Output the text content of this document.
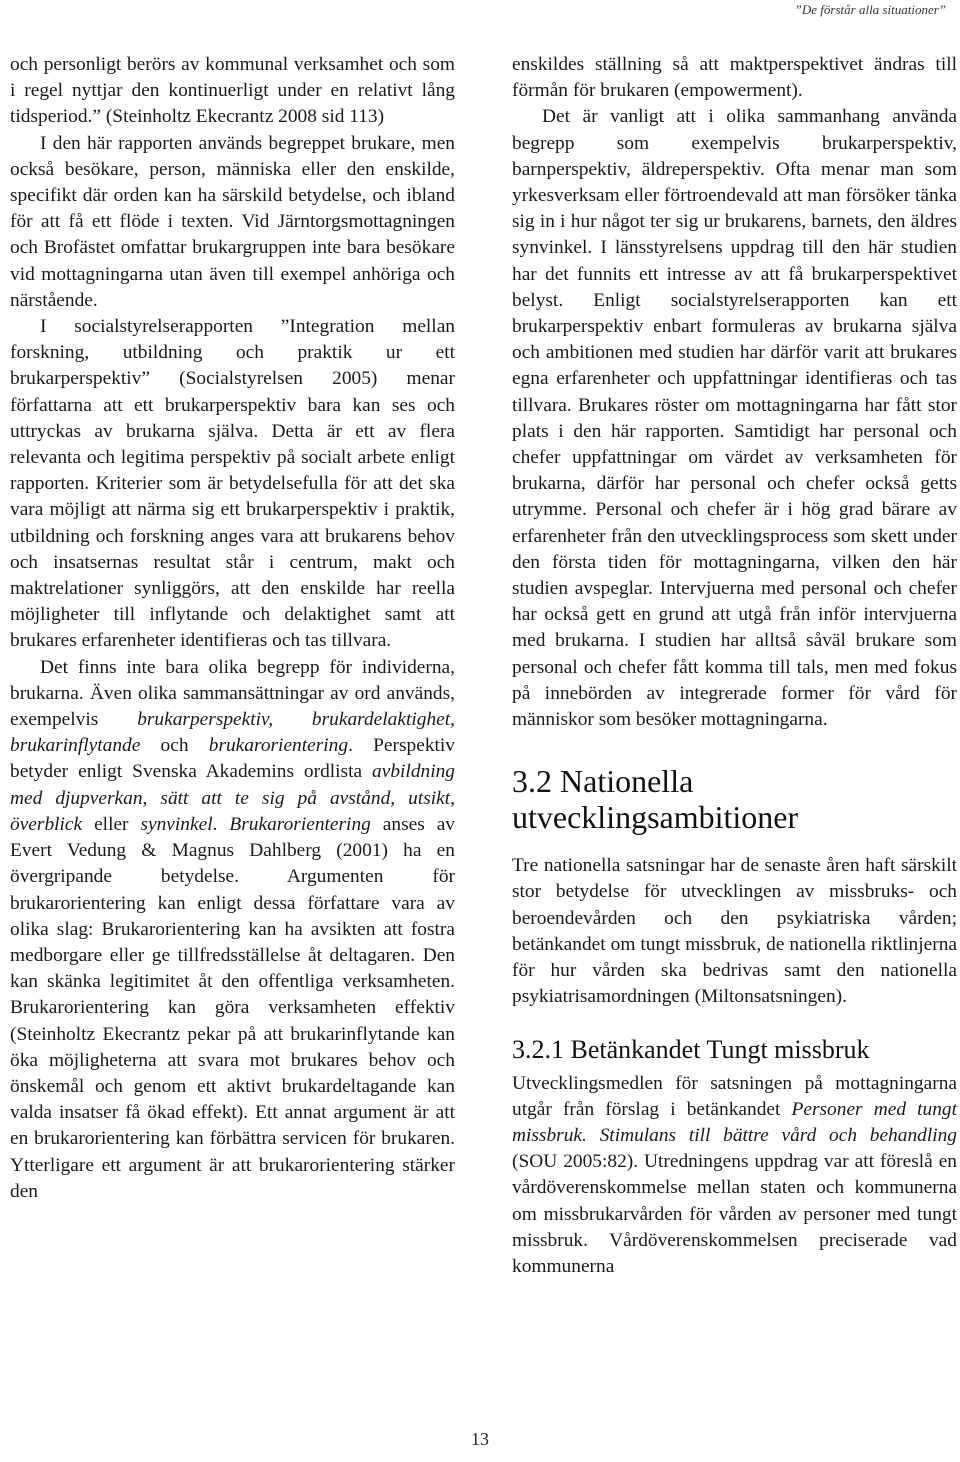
”De förstår alla situationer”

och personligt berörs av kommunal verksamhet och som i regel nyttjar den kontinuerligt under en relativt lång tidsperiod.” (Steinholtz Ekecrantz 2008 sid 113)

I den här rapporten används begreppet brukare, men också besökare, person, människa eller den enskilde, specifikt där orden kan ha särskild betydelse, och ibland för att få ett flöde i texten. Vid Järntorgsmottagningen och Brofästet omfattar brukargruppen inte bara besökare vid mottagningarna utan även till exempel anhöriga och närstående.

I socialstyrelserapporten ”Integration mellan forskning, utbildning och praktik ur ett brukarperspektiv” (Socialstyrelsen 2005) menar författarna att ett brukarperspektiv bara kan ses och uttryckas av brukarna själva. Detta är ett av flera relevanta och legitima perspektiv på socialt arbete enligt rapporten. Kriterier som är betydelsefulla för att det ska vara möjligt att närma sig ett brukarperspektiv i praktik, utbildning och forskning anges vara att brukarens behov och insatsernas resultat står i centrum, makt och maktrelationer synliggörs, att den enskilde har reella möjligheter till inflytande och delaktighet samt att brukares erfarenheter identifieras och tas tillvara.

Det finns inte bara olika begrepp för individerna, brukarna. Även olika sammansättningar av ord används, exempelvis brukarperspektiv, brukardelaktighet, brukarinflytande och brukarorientering. Perspektiv betyder enligt Svenska Akademins ordlista avbildning med djupverkan, sätt att te sig på avstånd, utsikt, överblick eller synvinkel. Brukarorientering anses av Evert Vedung & Magnus Dahlberg (2001) ha en övergripande betydelse. Argumenten för brukarorientering kan enligt dessa författare vara av olika slag: Brukarorientering kan ha avsikten att fostra medborgare eller ge tillfredsställelse åt deltagaren. Den kan skänka legitimitet åt den offentliga verksamheten. Brukarorientering kan göra verksamheten effektiv (Steinholtz Ekecrantz pekar på att brukarinflytande kan öka möjligheterna att svara mot brukares behov och önskemål och genom ett aktivt brukardeltagande kan valda insatser få ökad effekt). Ett annat argument är att en brukarorientering kan förbättra servicen för brukaren. Ytterligare ett argument är att brukarorientering stärker den

enskildes ställning så att maktperspektivet ändras till förmån för brukaren (empowerment).

Det är vanligt att i olika sammanhang använda begrepp som exempelvis brukarperspektiv, barnperspektiv, äldreperspektiv. Ofta menar man som yrkesverksam eller förtroendevald att man försöker tänka sig in i hur något ter sig ur brukarens, barnets, den äldres synvinkel. I länsstyrelsens uppdrag till den här studien har det funnits ett intresse av att få brukarperspektivet belyst. Enligt socialstyrelserapporten kan ett brukarperspektiv enbart formuleras av brukarna själva och ambitionen med studien har därför varit att brukares egna erfarenheter och uppfattningar identifieras och tas tillvara. Brukares röster om mottagningarna har fått stor plats i den här rapporten. Samtidigt har personal och chefer uppfattningar om värdet av verksamheten för brukarna, därför har personal och chefer också getts utrymme. Personal och chefer är i hög grad bärare av erfarenheter från den utvecklingsprocess som skett under den första tiden för mottagningarna, vilken den här studien avspeglar. Intervjuerna med personal och chefer har också gett en grund att utgå från inför intervjuerna med brukarna. I studien har alltså såväl brukare som personal och chefer fått komma till tals, men med fokus på innebörden av integrerade former för vård för människor som besöker mottagningarna.

3.2 Nationella utvecklingsambitioner

Tre nationella satsningar har de senaste åren haft särskilt stor betydelse för utvecklingen av missbruks- och beroendevården och den psykiatriska vården; betänkandet om tungt missbruk, de nationella riktlinjerna för hur vården ska bedrivas samt den nationella psykiatrisamordningen (Miltonsatsningen).

3.2.1 Betänkandet Tungt missbruk

Utvecklingsmedlen för satsningen på mottagningarna utgår från förslag i betänkandet Personer med tungt missbruk. Stimulans till bättre vård och behandling (SOU 2005:82). Utredningens uppdrag var att föreslå en vårdöverenskommelse mellan staten och kommunerna om missbrukarvården för vården av personer med tungt missbruk. Vårdöverenskommelsen preciserade vad kommunerna

13
